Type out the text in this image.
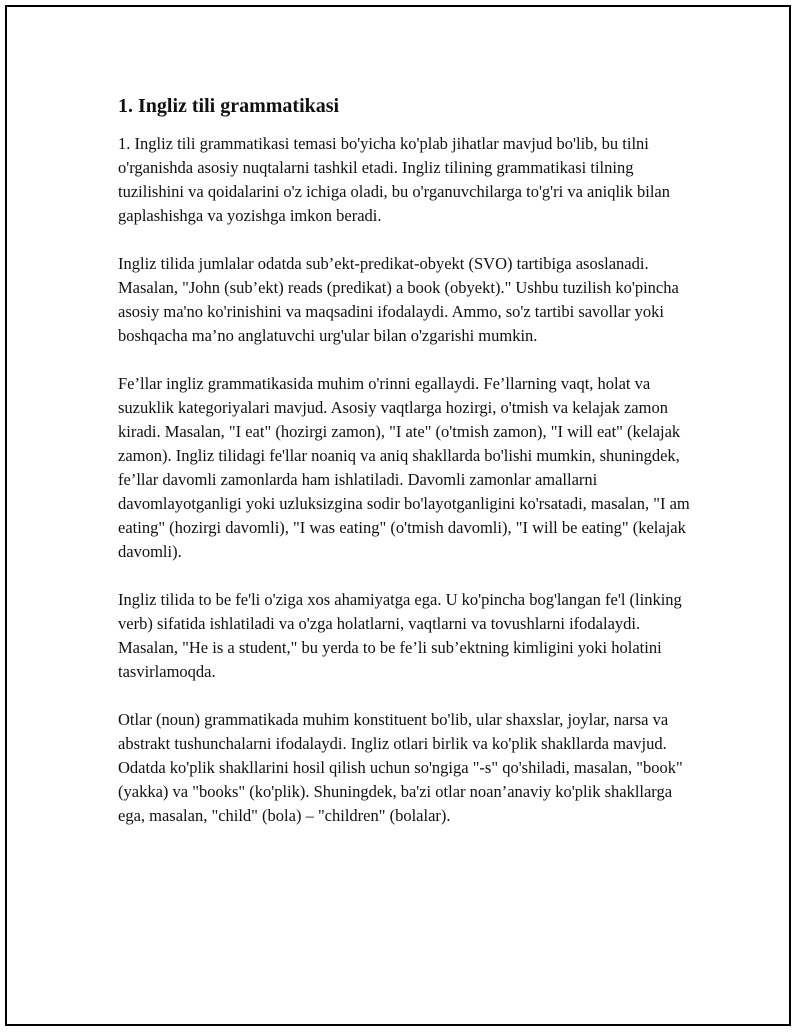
1. Ingliz tili grammatikasi

1. Ingliz tili grammatikasi temasi bo'yicha ko'plab jihatlar mavjud bo'lib, bu tilni o'rganishda asosiy nuqtalarni tashkil etadi. Ingliz tilining grammatikasi tilning tuzilishini va qoidalarini o'z ichiga oladi, bu o'rganuvchilarga to'g'ri va aniqlik bilan gaplashishga va yozishga imkon beradi.

Ingliz tilida jumlalar odatda sub’ekt-predikat-obyekt (SVO) tartibiga asoslanadi. Masalan, "John (sub’ekt) reads (predikat) a book (obyekt)." Ushbu tuzilish ko'pincha asosiy ma'no ko'rinishini va maqsadini ifodalaydi. Ammo, so'z tartibi savollar yoki boshqacha ma’no anglatuvchi urg'ular bilan o'zgarishi mumkin.

Fe’llar ingliz grammatikasida muhim o'rinni egallaydi. Fe’llarning vaqt, holat va suzuklik kategoriyalari mavjud. Asosiy vaqtlarga hozirgi, o'tmish va kelajak zamon kiradi. Masalan, "I eat" (hozirgi zamon), "I ate" (o'tmish zamon), "I will eat" (kelajak zamon). Ingliz tilidagi fe'llar noaniq va aniq shakllarda bo'lishi mumkin, shuningdek, fe’llar davomli zamonlarda ham ishlatiladi. Davomli zamonlar amallarni davomlayotganligi yoki uzluksizgina sodir bo'layotganligini ko'rsatadi, masalan, "I am eating" (hozirgi davomli), "I was eating" (o'tmish davomli), "I will be eating" (kelajak davomli).

Ingliz tilida to be fe'li o'ziga xos ahamiyatga ega. U ko'pincha bog'langan fe'l (linking verb) sifatida ishlatiladi va o'zga holatlarni, vaqtlarni va tovushlarni ifodalaydi. Masalan, "He is a student," bu yerda to be fe’li sub’ektning kimligini yoki holatini tasvirlamoqda.

Otlar (noun) grammatikada muhim konstituent bo'lib, ular shaxslar, joylar, narsa va abstrakt tushunchalarni ifodalaydi. Ingliz otlari birlik va ko'plik shakllarda mavjud. Odatda ko'plik shakllarini hosil qilish uchun so'ngiga "-s" qo'shiladi, masalan, "book" (yakka) va "books" (ko'plik). Shuningdek, ba'zi otlar noan’anaviy ko'plik shakllarga ega, masalan, "child" (bola) – "children" (bolalar).
